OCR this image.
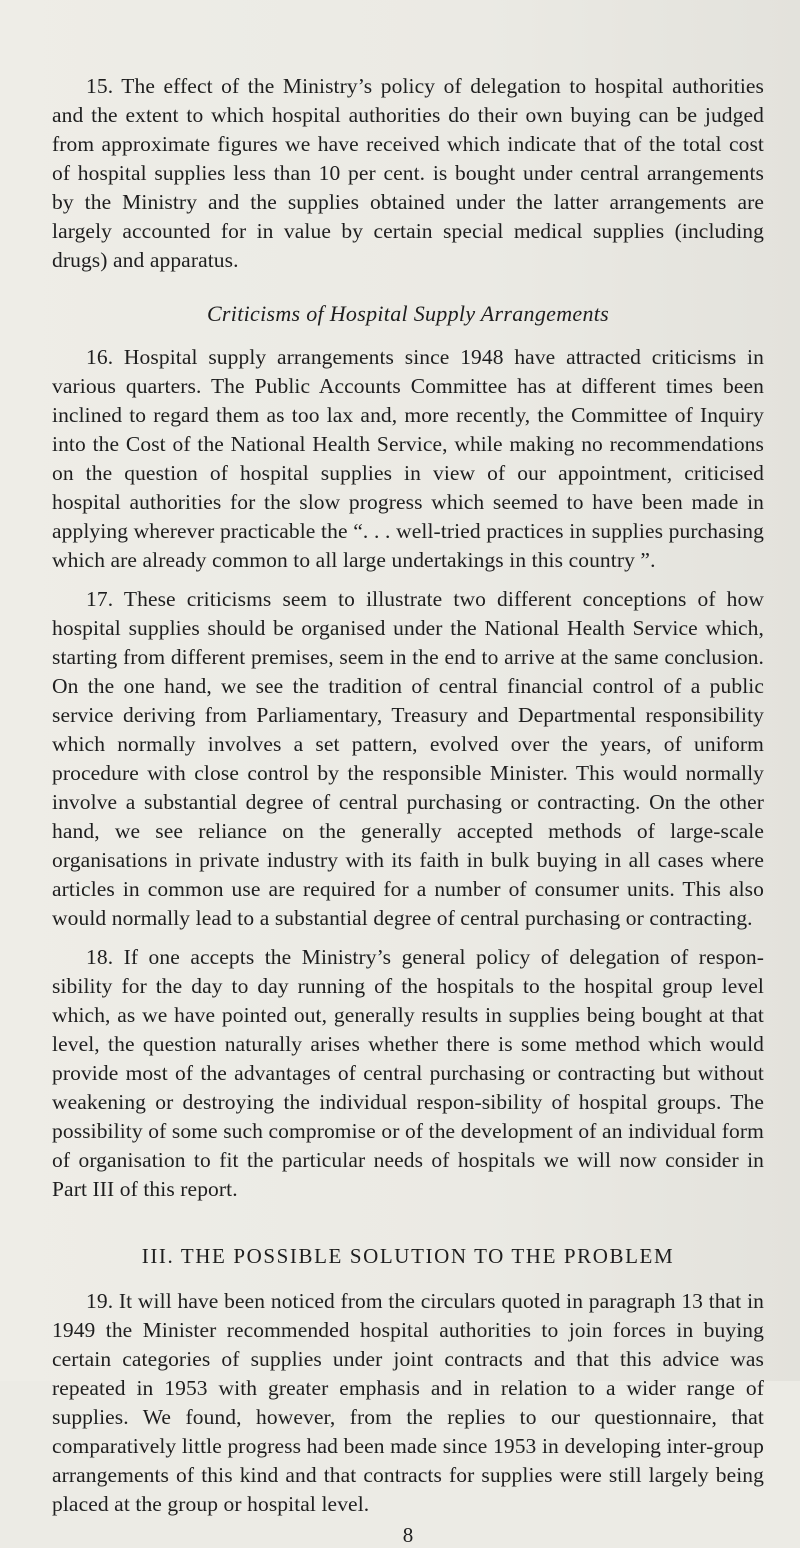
15. The effect of the Ministry’s policy of delegation to hospital authorities and the extent to which hospital authorities do their own buying can be judged from approximate figures we have received which indicate that of the total cost of hospital supplies less than 10 per cent. is bought under central arrangements by the Ministry and the supplies obtained under the latter arrangements are largely accounted for in value by certain special medical supplies (including drugs) and apparatus.

Criticisms of Hospital Supply Arrangements

16. Hospital supply arrangements since 1948 have attracted criticisms in various quarters. The Public Accounts Committee has at different times been inclined to regard them as too lax and, more recently, the Committee of Inquiry into the Cost of the National Health Service, while making no recommendations on the question of hospital supplies in view of our appointment, criticised hospital authorities for the slow progress which seemed to have been made in applying wherever practicable the “. . . well-tried practices in supplies purchasing which are already common to all large undertakings in this country ”.

17. These criticisms seem to illustrate two different conceptions of how hospital supplies should be organised under the National Health Service which, starting from different premises, seem in the end to arrive at the same conclusion. On the one hand, we see the tradition of central financial control of a public service deriving from Parliamentary, Treasury and Departmental responsibility which normally involves a set pattern, evolved over the years, of uniform procedure with close control by the responsible Minister. This would normally involve a substantial degree of central purchasing or contracting. On the other hand, we see reliance on the generally accepted methods of large-scale organisations in private industry with its faith in bulk buying in all cases where articles in common use are required for a number of consumer units. This also would normally lead to a substantial degree of central purchasing or contracting.

18. If one accepts the Ministry’s general policy of delegation of respon-sibility for the day to day running of the hospitals to the hospital group level which, as we have pointed out, generally results in supplies being bought at that level, the question naturally arises whether there is some method which would provide most of the advantages of central purchasing or contracting but without weakening or destroying the individual respon-sibility of hospital groups. The possibility of some such compromise or of the development of an individual form of organisation to fit the particular needs of hospitals we will now consider in Part III of this report.

III. THE POSSIBLE SOLUTION TO THE PROBLEM

19. It will have been noticed from the circulars quoted in paragraph 13 that in 1949 the Minister recommended hospital authorities to join forces in buying certain categories of supplies under joint contracts and that this advice was repeated in 1953 with greater emphasis and in relation to a wider range of supplies. We found, however, from the replies to our questionnaire, that comparatively little progress had been made since 1953 in developing inter-group arrangements of this kind and that contracts for supplies were still largely being placed at the group or hospital level.

8
